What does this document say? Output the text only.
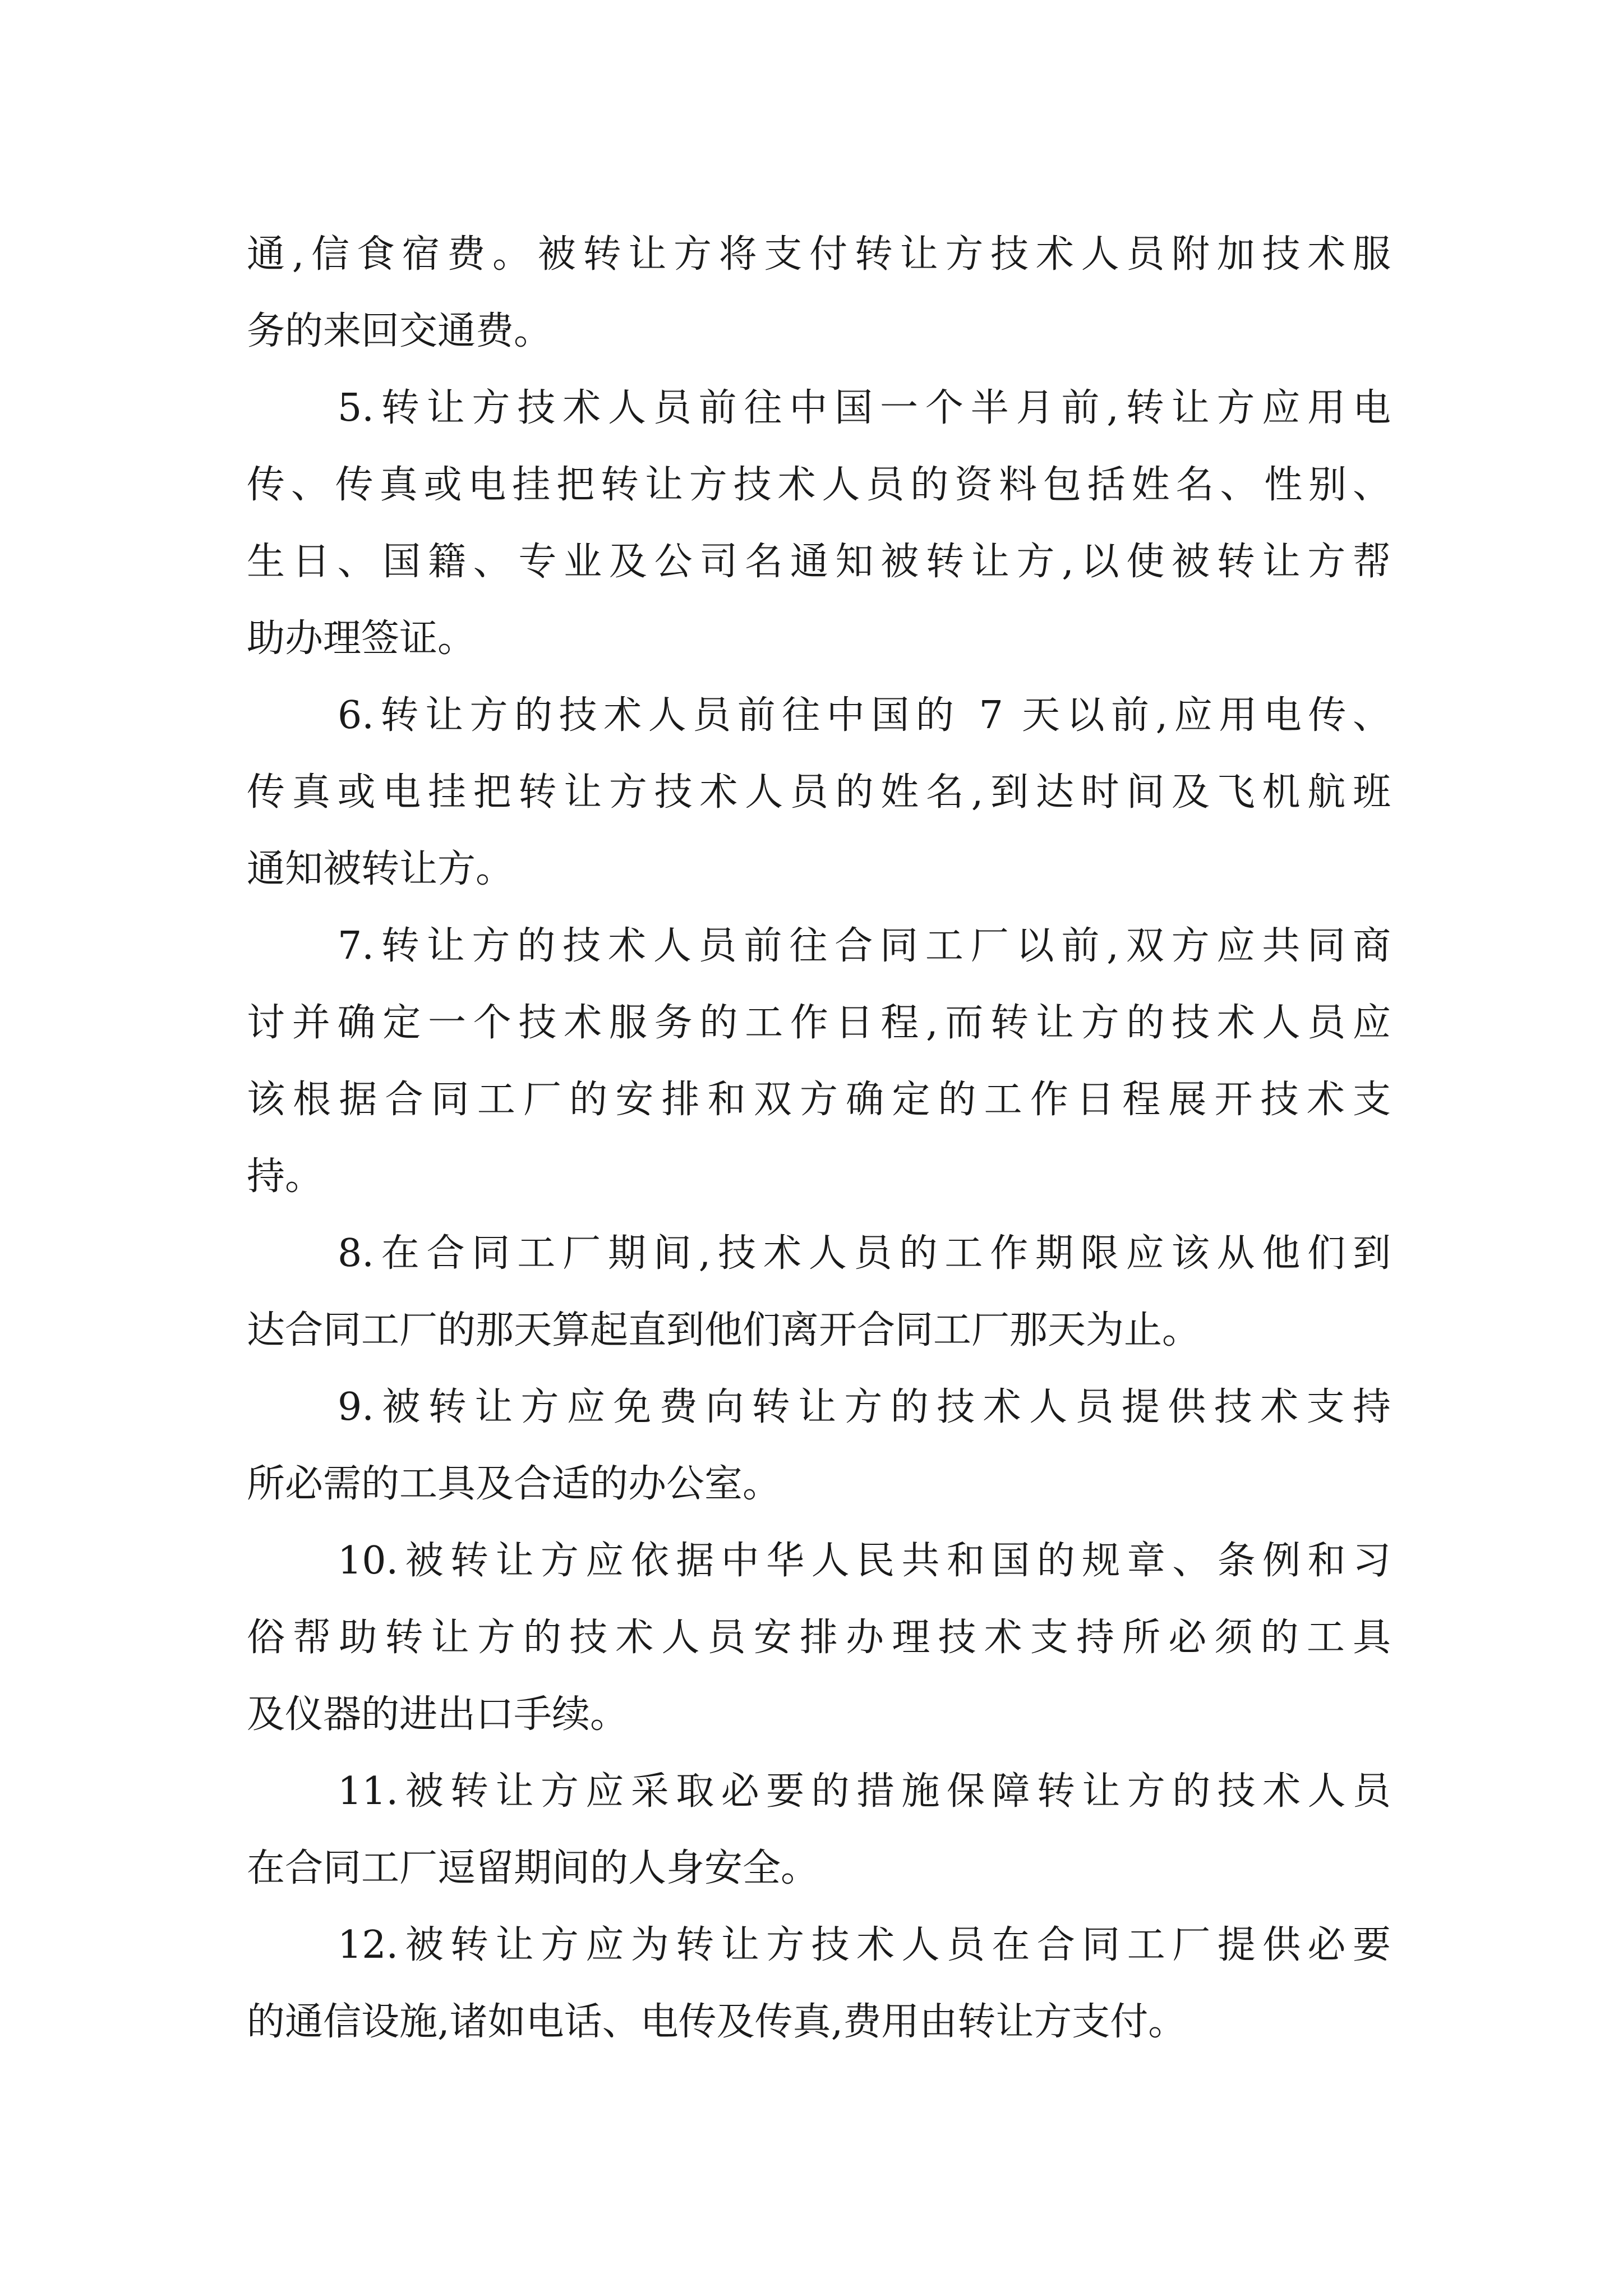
通,信食宿费。被转让方将支付转让方技术人员附加技术服
务的来回交通费。
5.转让方技术人员前往中国一个半月前,转让方应用电
传、传真或电挂把转让方技术人员的资料包括姓名、性别、
生日、国籍、专业及公司名通知被转让方,以使被转让方帮
助办理签证。
6.转让方的技术人员前往中国的 7 天以前,应用电传、
传真或电挂把转让方技术人员的姓名,到达时间及飞机航班
通知被转让方。
7.转让方的技术人员前往合同工厂以前,双方应共同商
讨并确定一个技术服务的工作日程,而转让方的技术人员应
该根据合同工厂的安排和双方确定的工作日程展开技术支
持。
8.在合同工厂期间,技术人员的工作期限应该从他们到
达合同工厂的那天算起直到他们离开合同工厂那天为止。
9.被转让方应免费向转让方的技术人员提供技术支持
所必需的工具及合适的办公室。
10.被转让方应依据中华人民共和国的规章、条例和习
俗帮助转让方的技术人员安排办理技术支持所必须的工具
及仪器的进出口手续。
11.被转让方应采取必要的措施保障转让方的技术人员
在合同工厂逗留期间的人身安全。
12.被转让方应为转让方技术人员在合同工厂提供必要
的通信设施,诸如电话、电传及传真,费用由转让方支付。
